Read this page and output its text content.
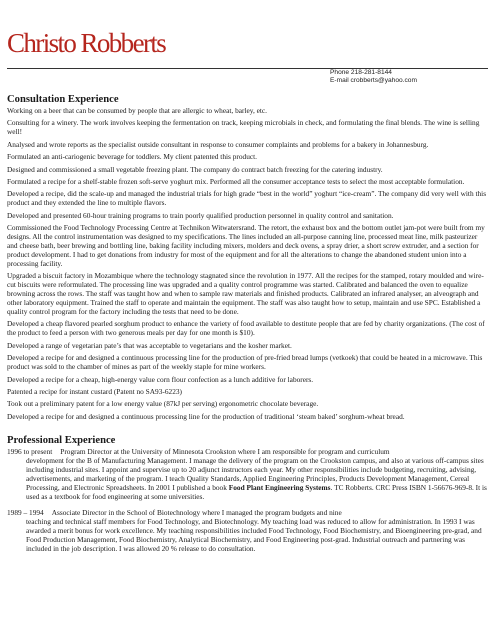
Christo Robberts
Phone 218-281-8144
E-mail crobberts@yahoo.com
Consultation Experience
Working on a beer that can be consumed by people that are allergic to wheat, barley, etc.
Consulting for a winery. The work involves keeping the fermentation on track, keeping microbials in check, and formulating the final blends. The wine is selling well!
Analysed and wrote reports as the specialist outside consultant in response to consumer complaints and problems for a bakery in Johannesburg.
Formulated an anti-cariogenic beverage for toddlers. My client patented this product.
Designed and commissioned a small vegetable freezing plant. The company do contract batch freezing for the catering industry.
Formulated a recipe for a shelf-stable frozen soft-serve yoghurt mix. Performed all the consumer acceptance tests to select the most acceptable formulation.
Developed a recipe, did the scale-up and managed the industrial trials for high grade “best in the world” yoghurt “ice-cream”. The company did very well with this product and they extended the line to multiple flavors.
Developed and presented 60-hour training programs to train poorly qualified production personnel in quality control and sanitation.
Commissioned the Food Technology Processing Centre at Technikon Witwatersrand. The retort, the exhaust box and the bottom outlet jam-pot were built from my designs. All the control instrumentation was designed to my specifications. The lines included an all-purpose canning line, processed meat line, milk pasteurizer and cheese bath, beer brewing and bottling line, baking facility including mixers, molders and deck ovens, a spray drier, a short screw extruder, and a section for product development. I had to get donations from industry for most of the equipment and for all the alterations to change the abandoned student union into a processing facility.
Upgraded a biscuit factory in Mozambique where the technology stagnated since the revolution in 1977. All the recipes for the stamped, rotary moulded and wire-cut biscuits were reformulated. The processing line was upgraded and a quality control programme was started. Calibrated and balanced the oven to equalize browning across the rows. The staff was taught how and when to sample raw materials and finished products. Calibrated an infrared analyser, an alveograph and other laboratory equipment. Trained the staff to operate and maintain the equipment. The staff was also taught how to setup, maintain and use SPC. Established a quality control program for the factory including the tests that need to be done.
Developed a cheap flavored pearled sorghum product to enhance the variety of food available to destitute people that are fed by charity organizations. (The cost of the product to feed a person with two generous meals per day for one month is $10).
Developed a range of vegetarian pate’s that was acceptable to vegetarians and the kosher market.
Developed a recipe for and designed a continuous processing line for the production of pre-fried bread lumps (vetkoek) that could be heated in a microwave. This product was sold to the chamber of mines as part of the weekly staple for mine workers.
Developed a recipe for a cheap, high-energy value corn flour confection as a lunch additive for laborers.
Patented a recipe for instant custard (Patent no SA93-6223)
Took out a preliminary patent for a low energy value (87kJ per serving) ergonometric chocolate beverage.
Developed a recipe for and designed a continuous processing line for the production of traditional ‘steam baked’ sorghum-wheat bread.
Professional Experience
1996 to present Program Director at the University of Minnesota Crookston where I am responsible for program and curriculum
development for the B of Manufacturing Management. I manage the delivery of the program on the Crookston campus, and also at various off-campus sites including industrial sites. I appoint and supervise up to 20 adjunct instructors each year. My other responsibilities include budgeting, recruiting, advising, advertisements, and marketing of the program. I teach Quality Standards, Applied Engineering Principles, Products Development Management, Cereal Processing, and Electronic Spreadsheets. In 2001 I published a book Food Plant Engineering Systems. TC Robberts. CRC Press ISBN 1-56676-969-8. It is used as a textbook for food engineering at some universities.
1989 – 1994 Associate Director in the School of Biotechnology where I managed the program budgets and nine
teaching and technical staff members for Food Technology, and Biotechnology. My teaching load was reduced to allow for administration. In 1993 I was awarded a merit bonus for work excellence. My teaching responsibilities included Food Technology, Food Biochemistry, and Bioengineering pre-grad, and Food Production Management, Food Biochemistry, Analytical Biochemistry, and Food Engineering post-grad. Industrial outreach and partnering was included in the job description. I was allowed 20 % release to do consultation.
